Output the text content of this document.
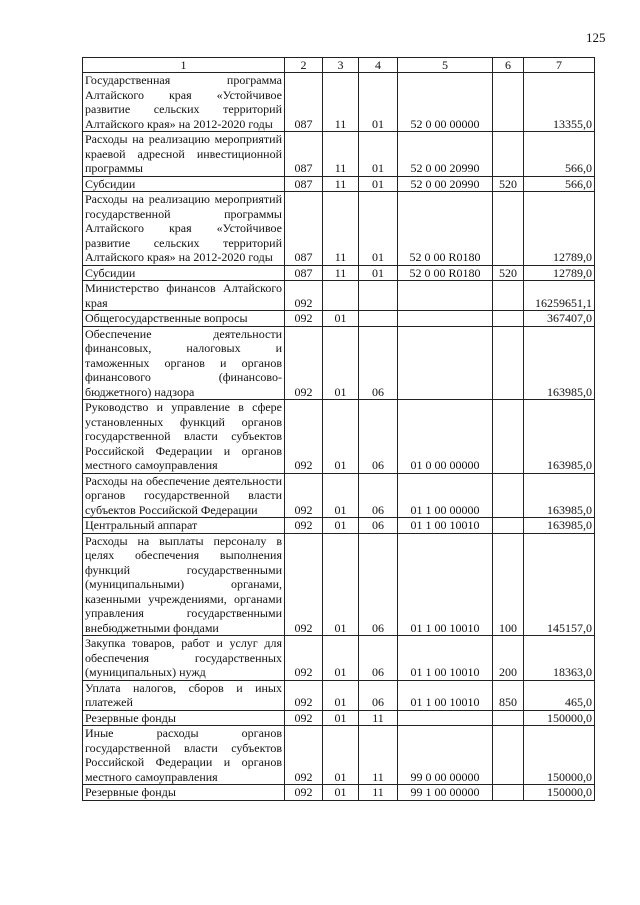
125
1	2	3	4	5	6	7
Государственная программа Алтайского края «Устойчивое развитие сельских территорий Алтайского края» на 2012-2020 годы	087	11	01	52 0 00 00000		13355,0
Расходы на реализацию мероприятий краевой адресной инвестиционной программы	087	11	01	52 0 00 20990		566,0
Субсидии	087	11	01	52 0 00 20990	520	566,0
Расходы на реализацию мероприятий государственной программы Алтайского края «Устойчивое развитие сельских территорий Алтайского края» на 2012-2020 годы	087	11	01	52 0 00 R0180		12789,0
Субсидии	087	11	01	52 0 00 R0180	520	12789,0
Министерство финансов Алтайского края	092					16259651,1
Общегосударственные вопросы	092	01				367407,0
Обеспечение деятельности финансовых, налоговых и таможенных органов и органов финансового (финансово-бюджетного) надзора	092	01	06			163985,0
Руководство и управление в сфере установленных функций органов государственной власти субъектов Российской Федерации и органов местного самоуправления	092	01	06	01 0 00 00000		163985,0
Расходы на обеспечение деятельности органов государственной власти субъектов Российской Федерации	092	01	06	01 1 00 00000		163985,0
Центральный аппарат	092	01	06	01 1 00 10010		163985,0
Расходы на выплаты персоналу в целях обеспечения выполнения функций государственными (муниципальными) органами, казенными учреждениями, органами управления государственными внебюджетными фондами	092	01	06	01 1 00 10010	100	145157,0
Закупка товаров, работ и услуг для обеспечения государственных (муниципальных) нужд	092	01	06	01 1 00 10010	200	18363,0
Уплата налогов, сборов и иных платежей	092	01	06	01 1 00 10010	850	465,0
Резервные фонды	092	01	11			150000,0
Иные расходы органов государственной власти субъектов Российской Федерации и органов местного самоуправления	092	01	11	99 0 00 00000		150000,0
Резервные фонды	092	01	11	99 1 00 00000		150000,0
